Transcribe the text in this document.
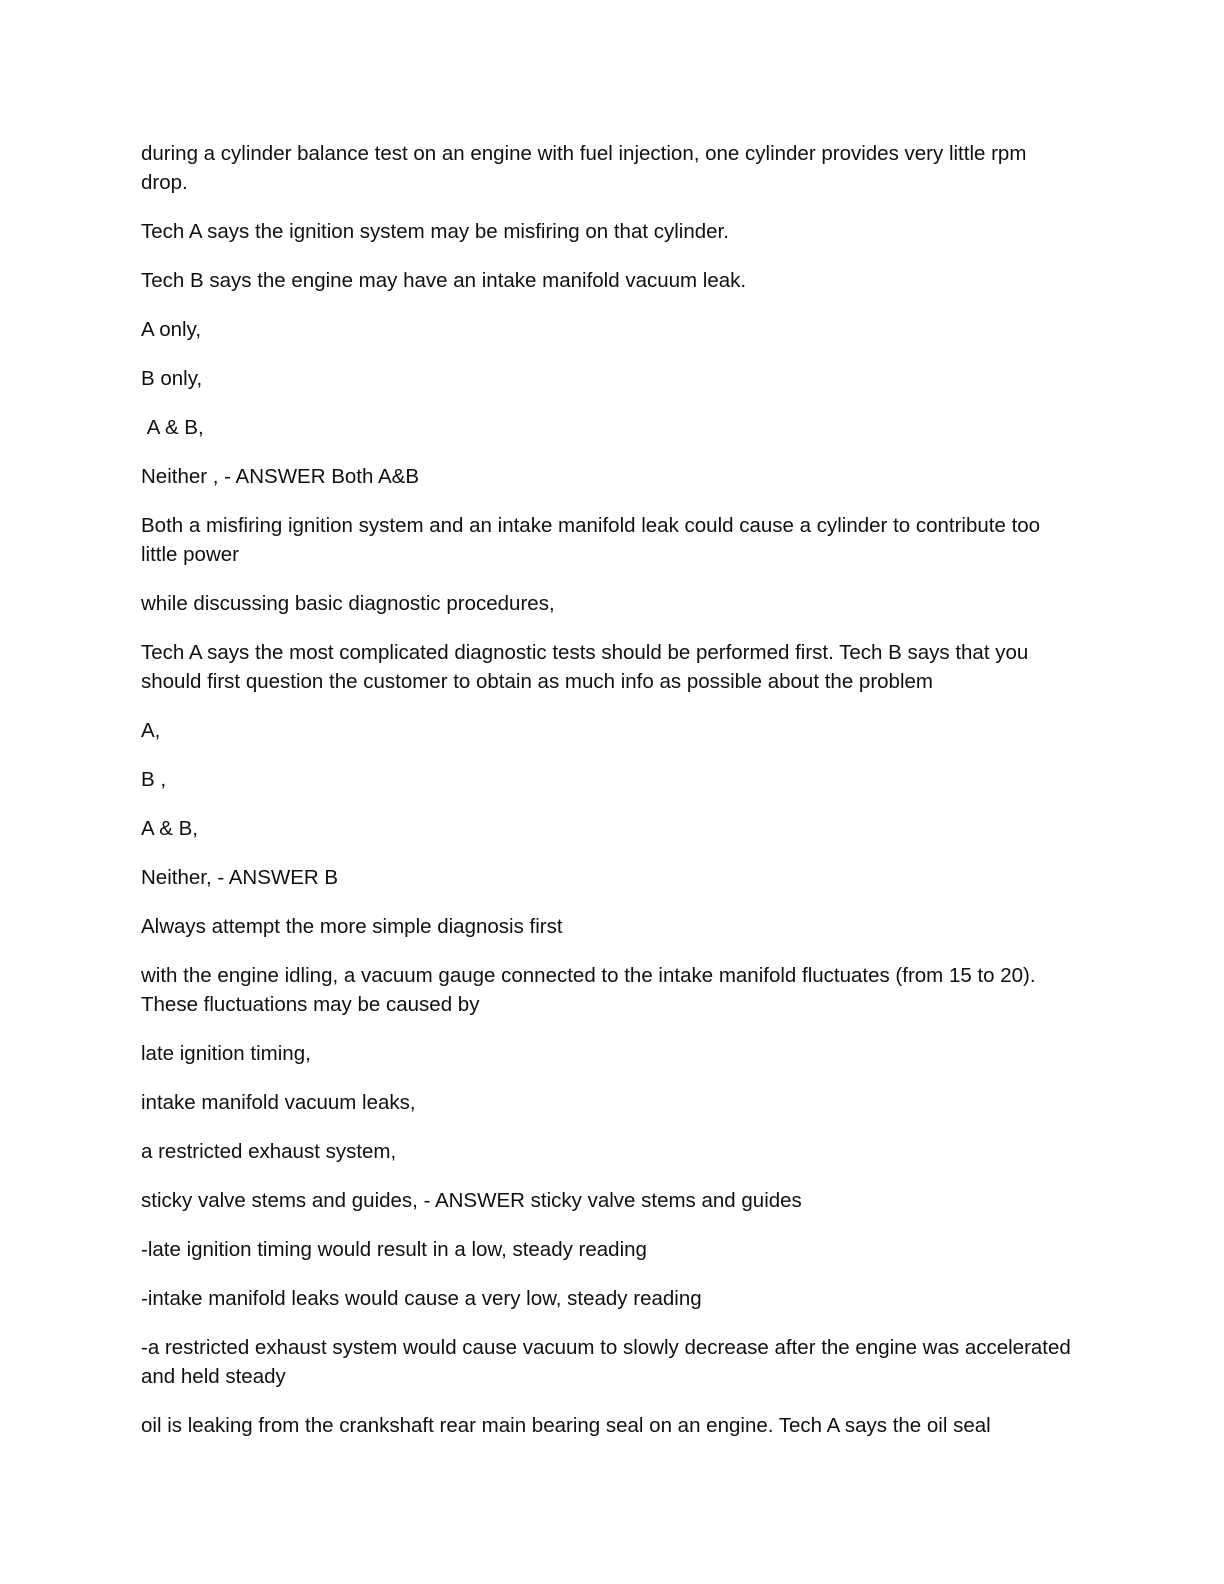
during a cylinder balance test on an engine with fuel injection, one cylinder provides very little rpm drop.

Tech A says the ignition system may be misfiring on that cylinder.

Tech B says the engine may have an intake manifold vacuum leak.

A only,

B only,

A & B,

Neither , - ANSWER Both A&B

Both a misfiring ignition system and an intake manifold leak could cause a cylinder to contribute too little power

while discussing basic diagnostic procedures,

Tech A says the most complicated diagnostic tests should be performed first. Tech B says that you should first question the customer to obtain as much info as possible about the problem

A,

B ,

A & B,

Neither, - ANSWER B

Always attempt the more simple diagnosis first

with the engine idling, a vacuum gauge connected to the intake manifold fluctuates (from 15 to 20). These fluctuations may be caused by

late ignition timing,

intake manifold vacuum leaks,

a restricted exhaust system,

sticky valve stems and guides, - ANSWER sticky valve stems and guides

-late ignition timing would result in a low, steady reading

-intake manifold leaks would cause a very low, steady reading

-a restricted exhaust system would cause vacuum to slowly decrease after the engine was accelerated and held steady

oil is leaking from the crankshaft rear main bearing seal on an engine. Tech A says the oil seal
